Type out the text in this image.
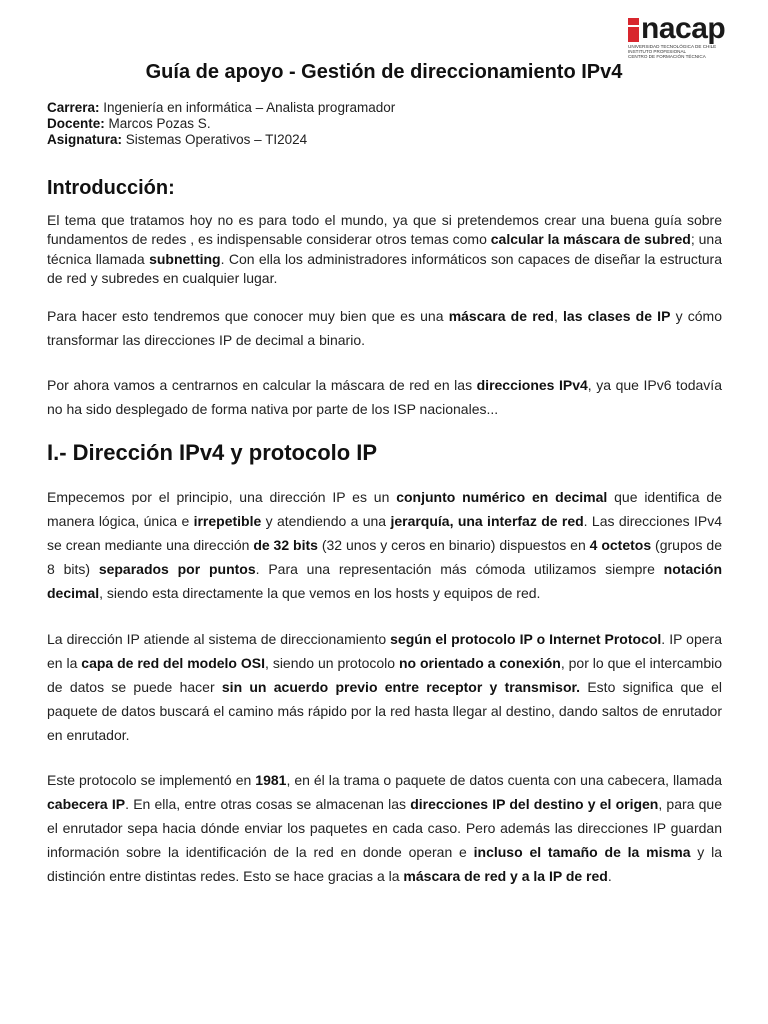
nacap
UNIVERSIDAD TECNOLÓGICA DE CHILE
INSTITUTO PROFESIONAL
CENTRO DE FORMACIÓN TÉCNICA
Guía de apoyo - Gestión de direccionamiento IPv4
Carrera: Ingeniería en informática – Analista programador
Docente: Marcos Pozas S.
Asignatura: Sistemas Operativos – TI2024
Introducción:

El tema que tratamos hoy no es para todo el mundo, ya que si pretendemos crear una buena guía sobre fundamentos de redes , es indispensable considerar otros temas como calcular la máscara de subred; una técnica llamada subnetting. Con ella los administradores informáticos son capaces de diseñar la estructura de red y subredes en cualquier lugar.

Para hacer esto tendremos que conocer muy bien que es una máscara de red, las clases de IP y cómo transformar las direcciones IP de decimal a binario.

Por ahora vamos a centrarnos en calcular la máscara de red en las direcciones IPv4, ya que IPv6 todavía no ha sido desplegado de forma nativa por parte de los ISP nacionales...

I.- Dirección IPv4 y protocolo IP

Empecemos por el principio, una dirección IP es un conjunto numérico en decimal que identifica de manera lógica, única e irrepetible y atendiendo a una jerarquía, una interfaz de red. Las direcciones IPv4 se crean mediante una dirección de 32 bits (32 unos y ceros en binario) dispuestos en 4 octetos (grupos de 8 bits) separados por puntos. Para una representación más cómoda utilizamos siempre notación decimal, siendo esta directamente la que vemos en los hosts y equipos de red.

La dirección IP atiende al sistema de direccionamiento según el protocolo IP o Internet Protocol. IP opera en la capa de red del modelo OSI, siendo un protocolo no orientado a conexión, por lo que el intercambio de datos se puede hacer sin un acuerdo previo entre receptor y transmisor. Esto significa que el paquete de datos buscará el camino más rápido por la red hasta llegar al destino, dando saltos de enrutador en enrutador.

Este protocolo se implementó en 1981, en él la trama o paquete de datos cuenta con una cabecera, llamada cabecera IP. En ella, entre otras cosas se almacenan las direcciones IP del destino y el origen, para que el enrutador sepa hacia dónde enviar los paquetes en cada caso. Pero además las direcciones IP guardan información sobre la identificación de la red en donde operan e incluso el tamaño de la misma y la distinción entre distintas redes. Esto se hace gracias a la máscara de red y a la IP de red.
